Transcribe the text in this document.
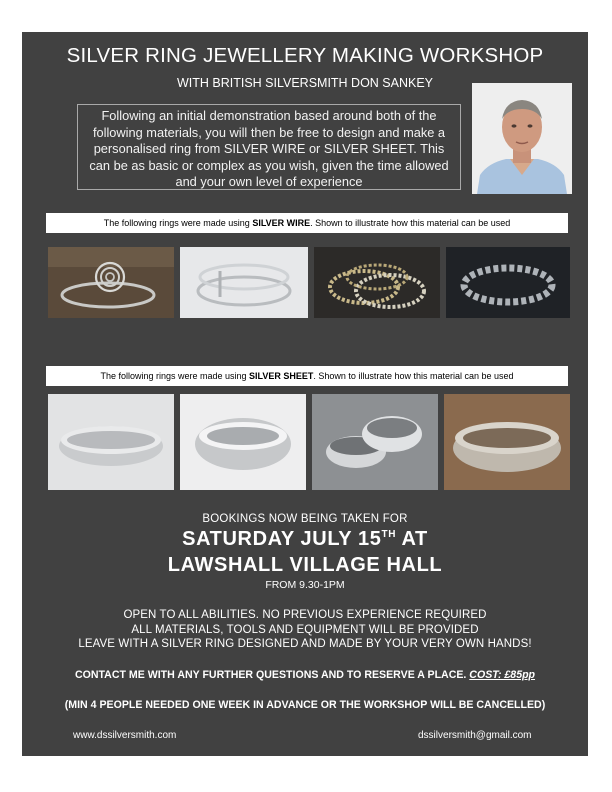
SILVER RING JEWELLERY MAKING WORKSHOP
WITH BRITISH SILVERSMITH DON SANKEY
Following an initial demonstration based around both of the following materials, you will then be free to design and make a personalised ring from SILVER WIRE or SILVER SHEET. This can be as basic or complex as you wish, given the time allowed and your own level of experience
The following rings were made using SILVER WIRE. Shown to illustrate how this material can be used
The following rings were made using SILVER SHEET. Shown to illustrate how this material can be used
BOOKINGS NOW BEING TAKEN FOR
SATURDAY JULY 15TH AT
LAWSHALL VILLAGE HALL
FROM 9.30-1PM
OPEN TO ALL ABILITIES. NO PREVIOUS EXPERIENCE REQUIRED
ALL MATERIALS, TOOLS AND EQUIPMENT WILL BE PROVIDED
LEAVE WITH A SILVER RING DESIGNED AND MADE BY YOUR VERY OWN HANDS!
CONTACT ME WITH ANY FURTHER QUESTIONS AND TO RESERVE A PLACE. COST: £85pp
(MIN 4 PEOPLE NEEDED ONE WEEK IN ADVANCE OR THE WORKSHOP WILL BE CANCELLED)
www.dssilversmith.com	dssilversmith@gmail.com
